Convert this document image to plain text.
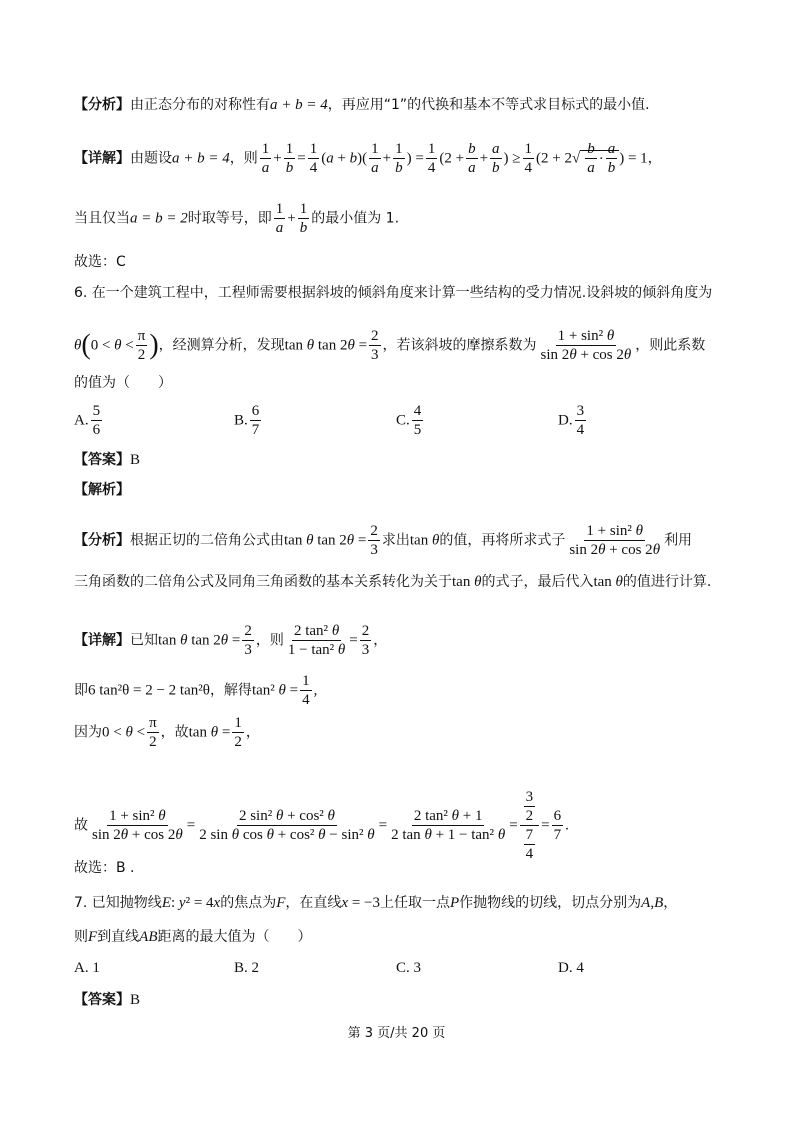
【分析】由正态分布的对称性有a + b = 4，再应用“1”的代换和基本不等式求目标式的最小值.
【详解】由题设a + b = 4，则 $\frac{1}{a} + \frac{1}{b} = \frac{1}{4} (a + b)( \frac{1}{a} + \frac{1}{b}$ ) = $\frac{1}{4} (2 + \frac{b}{a} + \frac{a}{b}$ ) ≥ $\frac{1}{4} (2 + 2√ \frac{b}{a} \cdot \frac{a}{b}$ ) = 1，
当且仅当a = b = 2时取等号，即 $\frac{1}{a} + \frac{1}{b}$ 的最小值为 1.
故选：C
6. 在一个建筑工程中，工程师需要根据斜坡的倾斜角度来计算一些结构的受力情况.设斜坡的倾斜角度为
$\theta(0 < \theta < \frac{\pi}{2}$ )，经测算分析，发现tan θ $\tan 2\theta = \frac{2}{3}$ ，若该斜坡的摩擦系数为 $\frac{\text{1 + sin² θ}}{\sin 2\theta + \cos 2\theta}$ ，则此系数
的值为（　　）
A. $\frac{5}{6}$	B. $\frac{6}{7}$	C. $\frac{4}{5}$	D. $\frac{3}{4}$
【答案】B
【解析】
【分析】根据正切的二倍角公式由tan θ $\tan 2\theta = \frac{2}{3}$ 求出tan θ的值，再将所求式子 $\frac{\text{1 + sin² θ}}{\sin 2\theta + \cos 2\theta}$ 利用
三角函数的二倍角公式及同角三角函数的基本关系转化为关于tan θ的式子，最后代入tan θ的值进行计算.
【详解】已知tan θ $\tan 2\theta = \frac{2}{3}$ ，则 $\frac{\text{2 tan² θ}}{\text{1 − tan² θ}} = \frac{2}{3}$ ，
即6 tan²θ = 2 − 2 tan²θ，解得tan² $\theta = \frac{1}{4}$ ,
因为$0 < \theta < \frac{\pi}{2}$ ，故$\tan \theta = \frac{1}{2}$ ，
故 $\frac{\text{1 + sin² θ}}{\sin 2\theta + \cos 2\theta} = \frac{\text{2 sin² θ + cos² θ}}{\text{2 sin θ cos θ + cos² θ − sin² θ}} = \frac{\text{2 tan² θ + 1}}{\text{2 tan θ + 1 − tan² θ}} = \frac{\frac{3}{2}}{\frac{7}{4}} = \frac{6}{7}$ .
故选：B .
7. 已知抛物线E: y² = 4x的焦点为F，在直线x = −3上任取一点P作抛物线的切线，切点分别为A,B，
则F到直线AB距离的最大值为（　　）
A. 1	B. 2	C. 3	D. 4
【答案】B
第 3 页/共 20 页
